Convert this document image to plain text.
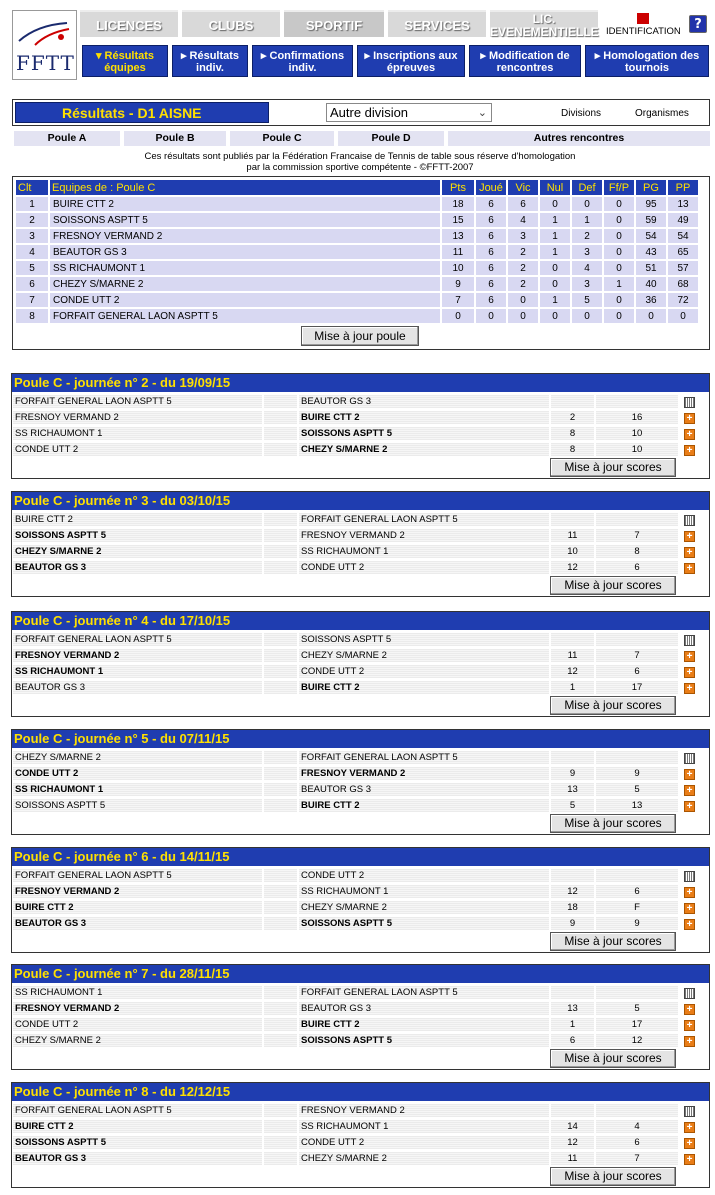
FFTT
LICENCES	CLUBS	SPORTIF	SERVICES	LIC. EVENEMENTIELLE IDENTIFICATION	?
▾ Résultats équipes
▸ Résultats indiv.
▸ Confirmations indiv.
▸ Inscriptions aux épreuves
▸ Modification de rencontres
▸ Homologation des tournois
Résultats - D1 AISNE	Autre division	⌄	Divisions	Organismes
Poule A	Poule B	Poule C	Poule D	Autres rencontres
Ces résultats sont publiés par la Fédération Francaise de Tennis de table sous réserve d'homologation
par la commission sportive compétente - ©FFTT-2007
Clt	Equipes de : Poule C	Pts	Joué	Vic	Nul	Def	Ff/P	PG	PP
1	BUIRE CTT 2	18	6	6	0	0	0	95	13
2	SOISSONS ASPTT 5	15	6	4	1	1	0	59	49
3	FRESNOY VERMAND 2	13	6	3	1	2	0	54	54
4	BEAUTOR GS 3	11	6	2	1	3	0	43	65
5	SS RICHAUMONT 1	10	6	2	0	4	0	51	57
6	CHEZY S/MARNE 2	9	6	2	0	3	1	40	68
7	CONDE UTT 2	7	6	0	1	5	0	36	72
8	FORFAIT GENERAL LAON ASPTT 5	0	0	0	0	0	0	0	0
Mise à jour poule
Poule C - journée n° 2 - du 19/09/15
FORFAIT GENERAL LAON ASPTT 5	BEAUTOR GS 3
FRESNOY VERMAND 2	BUIRE CTT 2	2	16	+
SS RICHAUMONT 1	SOISSONS ASPTT 5	8	10	+
CONDE UTT 2	CHEZY S/MARNE 2	8	10	+
Mise à jour scores
Poule C - journée n° 3 - du 03/10/15
BUIRE CTT 2	FORFAIT GENERAL LAON ASPTT 5
SOISSONS ASPTT 5	FRESNOY VERMAND 2	11	7	+
CHEZY S/MARNE 2	SS RICHAUMONT 1	10	8	+
BEAUTOR GS 3	CONDE UTT 2	12	6	+
Mise à jour scores
Poule C - journée n° 4 - du 17/10/15
FORFAIT GENERAL LAON ASPTT 5	SOISSONS ASPTT 5
FRESNOY VERMAND 2	CHEZY S/MARNE 2	11	7	+
SS RICHAUMONT 1	CONDE UTT 2	12	6	+
BEAUTOR GS 3	BUIRE CTT 2	1	17	+
Mise à jour scores
Poule C - journée n° 5 - du 07/11/15
CHEZY S/MARNE 2	FORFAIT GENERAL LAON ASPTT 5
CONDE UTT 2	FRESNOY VERMAND 2	9	9	+
SS RICHAUMONT 1	BEAUTOR GS 3	13	5	+
SOISSONS ASPTT 5	BUIRE CTT 2	5	13	+
Mise à jour scores
Poule C - journée n° 6 - du 14/11/15
FORFAIT GENERAL LAON ASPTT 5	CONDE UTT 2
FRESNOY VERMAND 2	SS RICHAUMONT 1	12	6	+
BUIRE CTT 2	CHEZY S/MARNE 2	18	F	+
BEAUTOR GS 3	SOISSONS ASPTT 5	9	9	+
Mise à jour scores
Poule C - journée n° 7 - du 28/11/15
SS RICHAUMONT 1	FORFAIT GENERAL LAON ASPTT 5
FRESNOY VERMAND 2	BEAUTOR GS 3	13	5	+
CONDE UTT 2	BUIRE CTT 2	1	17	+
CHEZY S/MARNE 2	SOISSONS ASPTT 5	6	12	+
Mise à jour scores
Poule C - journée n° 8 - du 12/12/15
FORFAIT GENERAL LAON ASPTT 5	FRESNOY VERMAND 2
BUIRE CTT 2	SS RICHAUMONT 1	14	4	+
SOISSONS ASPTT 5	CONDE UTT 2	12	6	+
BEAUTOR GS 3	CHEZY S/MARNE 2	11	7	+
Mise à jour scores
